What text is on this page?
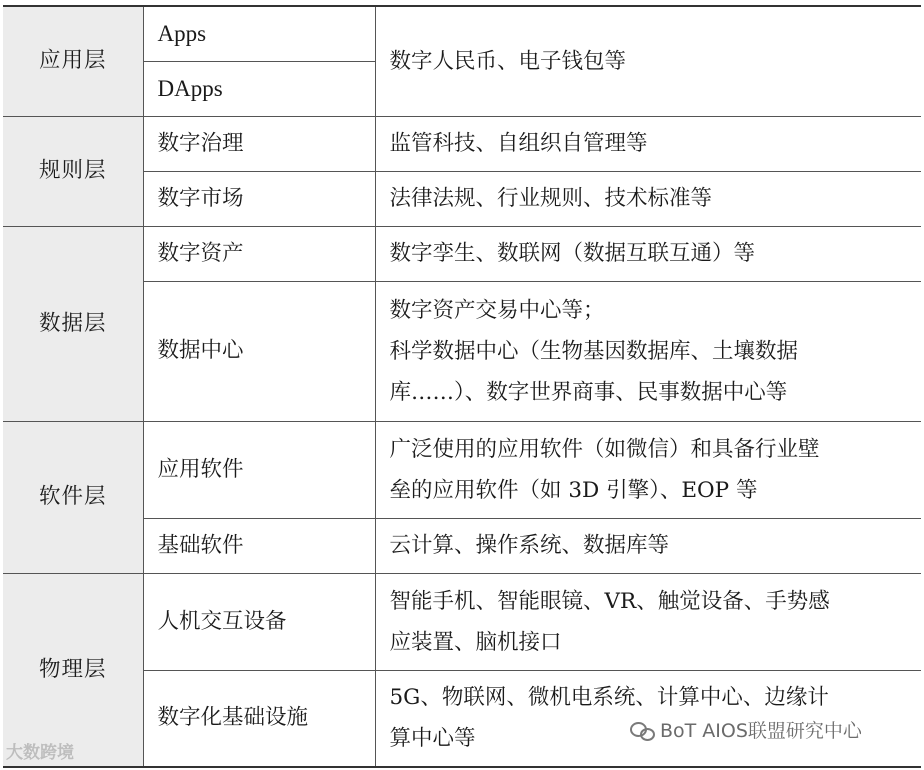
应用层	Apps	数字人民币、电子钱包等

	DApps	
规则层	数字治理	监管科技、自组织自管理等

	数字市场	法律法规、行业规则、技术标准等

数据层	数字资产	数字孪生、数联网（数据互联互通）等

	数据中心	数字资产交易中心等；
科学数据中心（生物基因数据库、土壤数据
库……）、数字世界商事、民事数据中心等

软件层	应用软件	广泛使用的应用软件（如微信）和具备行业壁
垒的应用软件（如 3D 引擎）、EOP 等

	基础软件	云计算、操作系统、数据库等

物理层	人机交互设备	智能手机、智能眼镜、VR、触觉设备、手势感
应装置、脑机接口

	数字化基础设施	5G、物联网、微机电系统、计算中心、边缘计
算中心等
大数跨境
BoT AIOS联盟研究中心
